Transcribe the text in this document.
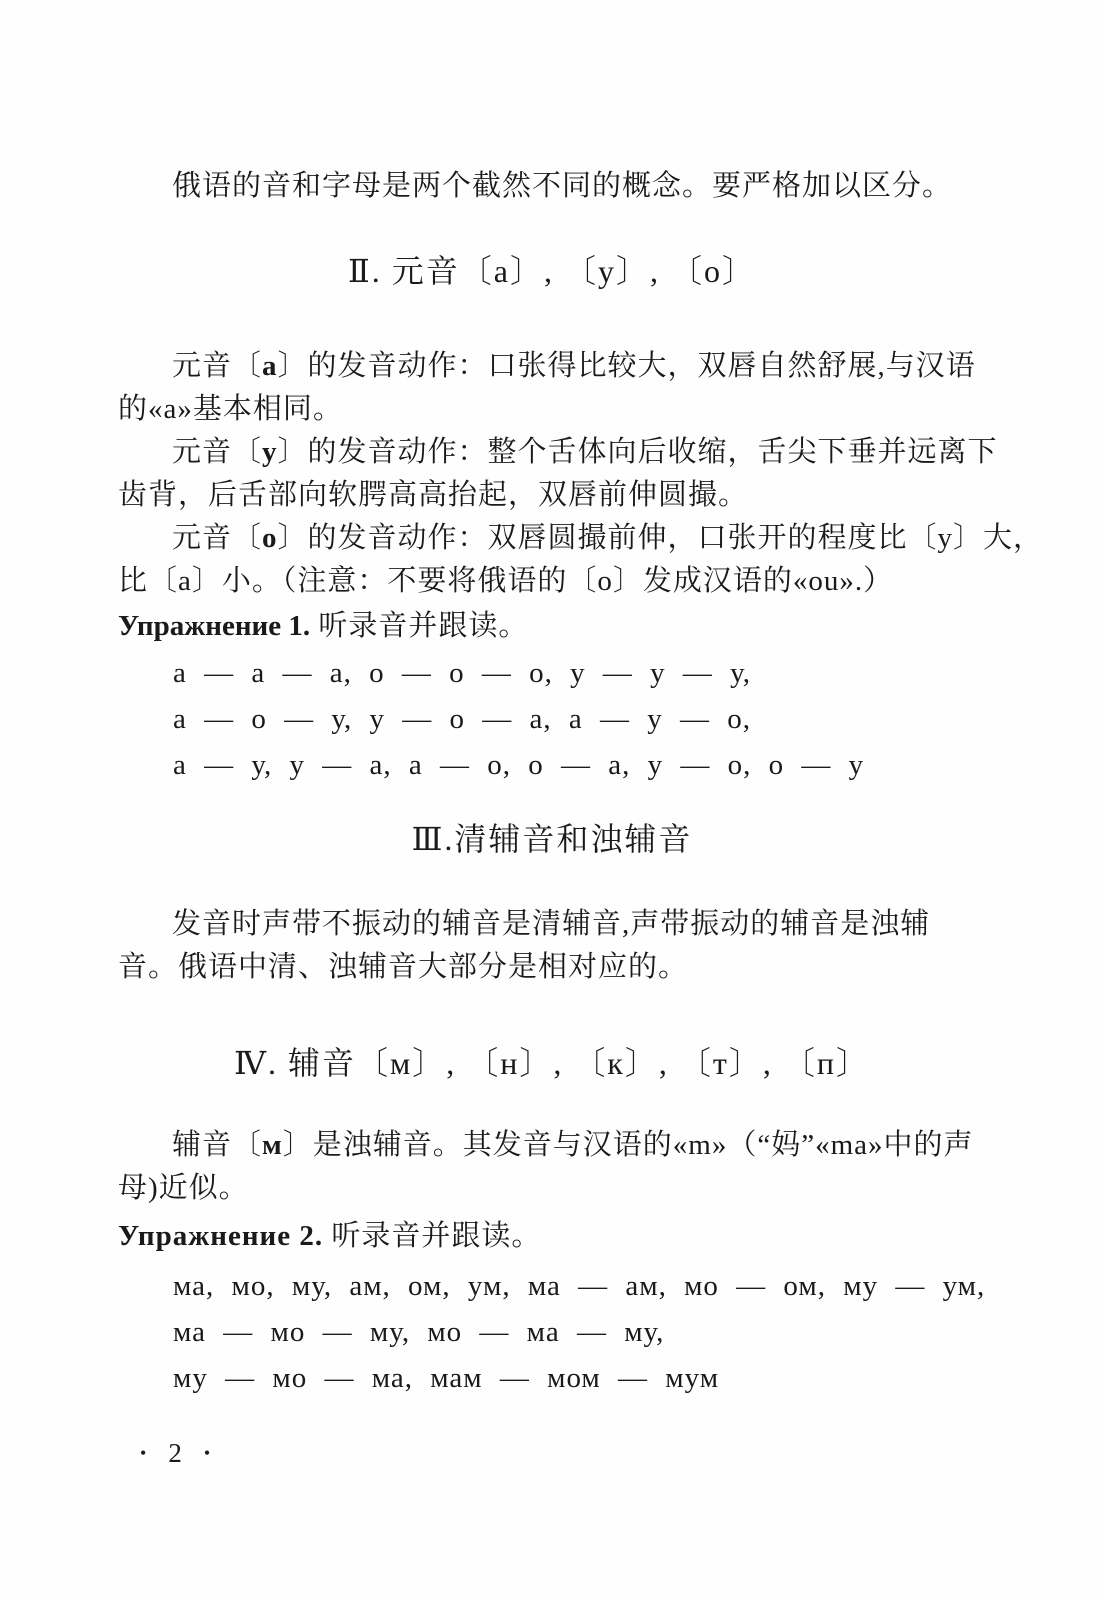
俄语的音和字母是两个截然不同的概念。要严格加以区分。
Ⅱ. 元音〔а〕, 〔у〕, 〔о〕
元音〔а〕的发音动作：口张得比较大，双唇自然舒展,与汉语
的«а»基本相同。
元音〔у〕的发音动作：整个舌体向后收缩，舌尖下垂并远离下
齿背，后舌部向软腭高高抬起，双唇前伸圆撮。
元音〔о〕的发音动作：双唇圆撮前伸，口张开的程度比〔у〕大，
比〔а〕小。（注意：不要将俄语的〔о〕发成汉语的«ou».）
Упражнение 1. 听录音并跟读。
а — а — а, о — о — о, у — у — у,
а — о — у, у — о — а, а — у — о,
а — у, у — а, а — о, о — а, у — о, о — у
Ⅲ.清辅音和浊辅音
发音时声带不振动的辅音是清辅音,声带振动的辅音是浊辅
音。俄语中清、浊辅音大部分是相对应的。
Ⅳ. 辅音〔м〕, 〔н〕, 〔к〕, 〔т〕, 〔п〕
辅音〔м〕是浊辅音。其发音与汉语的«m»（“妈”«ma»中的声
母)近似。
Упражнение 2. 听录音并跟读。
ма, мо, му, ам, ом, ум, ма — ам, мо — ом, му — ум,
ма — мо — му, мо — ма — му,
му — мо — ма, мам — мом — мум
• 2 •
